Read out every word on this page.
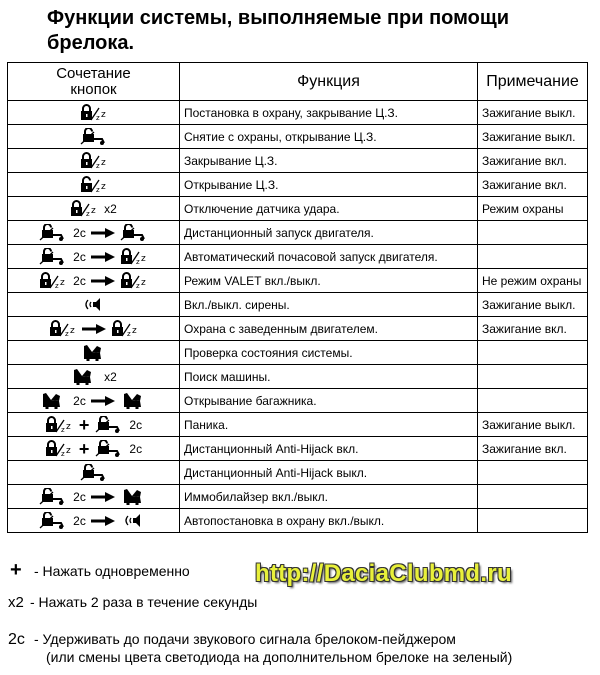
Функции системы, выполняемые при помощи брелока.
Сочетание кнопок	Функция	Примечание

z z	Постановка в охрану, закрывание Ц.З.	Зажигание выкл.

	Снятие с охраны, открывание Ц.З.	Зажигание выкл.

z z	Закрывание Ц.З.	Зажигание вкл.

z z	Открывание Ц.З.	Зажигание вкл.

z z x2	Отключение датчика удара.	Режим охраны

2c	Дистанционный запуск двигателя.	

2c z z	Автоматический почасовой запуск двигателя.	

z z 2c z z	Режим VALET вкл./выкл.	Не режим охраны

	Вкл./выкл. сирены.	Зажигание выкл.

z z z z	Охрана с заведенным двигателем.	Зажигание вкл.

	Проверка состояния системы.	

x2	Поиск машины.	

2c	Открывание багажника.	

z z + 2c	Паника.	Зажигание выкл.

z z + 2c	Дистанционный Anti-Hijack вкл.	Зажигание вкл.

	Дистанционный Anti-Hijack выкл.	

2c	Иммобилайзер вкл./выкл.	

2c	Автопостановка в охрану вкл./выкл.	
+ - Нажать одновременно
x2 - Нажать 2 раза в течение секунды
2c - Удерживать до подачи звукового сигнала брелоком-пейджером
(или смены цвета светодиода на дополнительном брелоке на зеленый)
http://DaciaClubmd.ru
